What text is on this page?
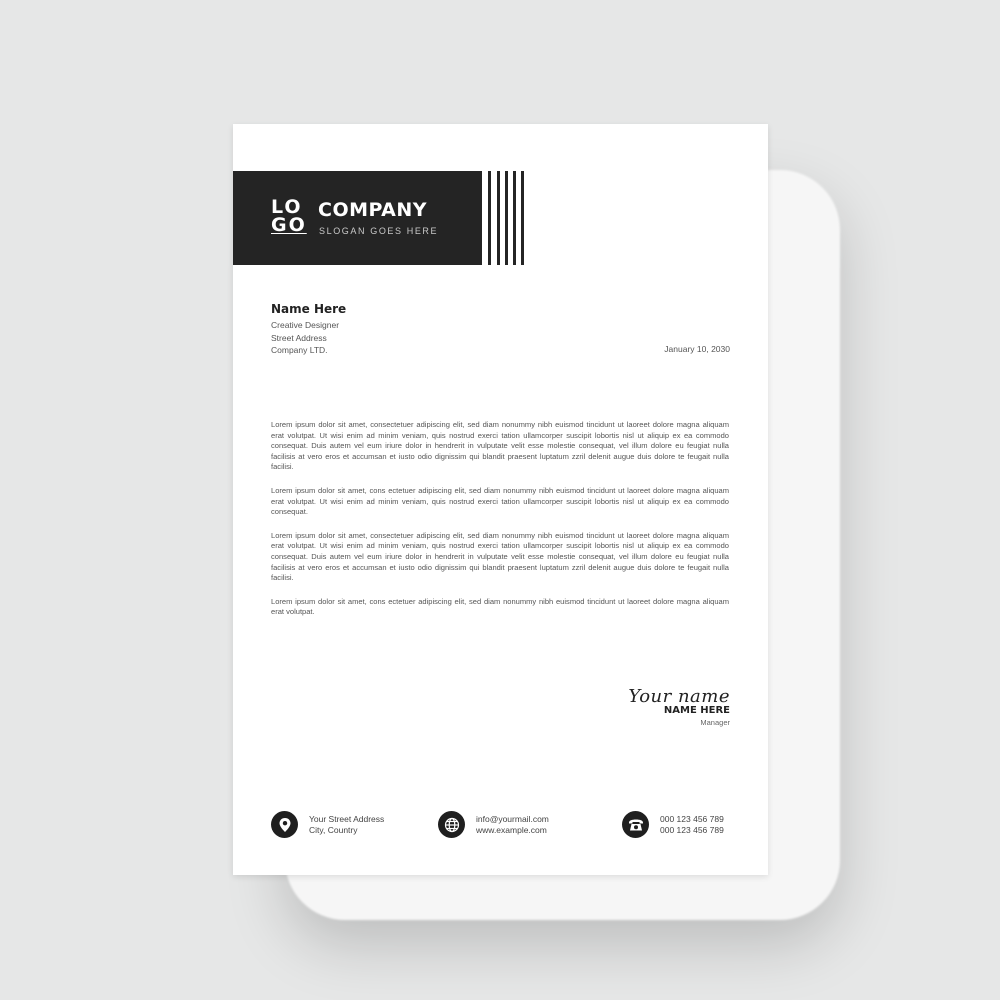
LO
GO
COMPANY
SLOGAN GOES HERE
Name Here
Creative Designer
Street Address
Company LTD.	January 10, 2030

Lorem ipsum dolor sit amet, consectetuer adipiscing elit, sed diam nonummy nibh euismod tincidunt ut laoreet dolore magna aliquam erat volutpat. Ut wisi enim ad minim veniam, quis nostrud exerci tation ullamcorper suscipit lobortis nisl ut aliquip ex ea commodo consequat. Duis autem vel eum iriure dolor in hendrerit in vulputate velit esse molestie consequat, vel illum dolore eu feugiat nulla facilisis at vero eros et accumsan et iusto odio dignissim qui blandit praesent luptatum zzril delenit augue duis dolore te feugait nulla facilisi.

Lorem ipsum dolor sit amet, cons ectetuer adipiscing elit, sed diam nonummy nibh euismod tincidunt ut laoreet dolore magna aliquam erat volutpat. Ut wisi enim ad minim veniam, quis nostrud exerci tation ullamcorper suscipit lobortis nisl ut aliquip ex ea commodo consequat.

Lorem ipsum dolor sit amet, consectetuer adipiscing elit, sed diam nonummy nibh euismod tincidunt ut laoreet dolore magna aliquam erat volutpat. Ut wisi enim ad minim veniam, quis nostrud exerci tation ullamcorper suscipit lobortis nisl ut aliquip ex ea commodo consequat. Duis autem vel eum iriure dolor in hendrerit in vulputate velit esse molestie consequat, vel illum dolore eu feugiat nulla facilisis at vero eros et accumsan et iusto odio dignissim qui blandit praesent luptatum zzril delenit augue duis dolore te feugait nulla facilisi.

Lorem ipsum dolor sit amet, cons ectetuer adipiscing elit, sed diam nonummy nibh euismod tincidunt ut laoreet dolore magna aliquam erat volutpat.

Your name
NAME HERE
Manager
Your Street Address
City, Country
info@yourmail.com
www.example.com
000 123 456 789
000 123 456 789
